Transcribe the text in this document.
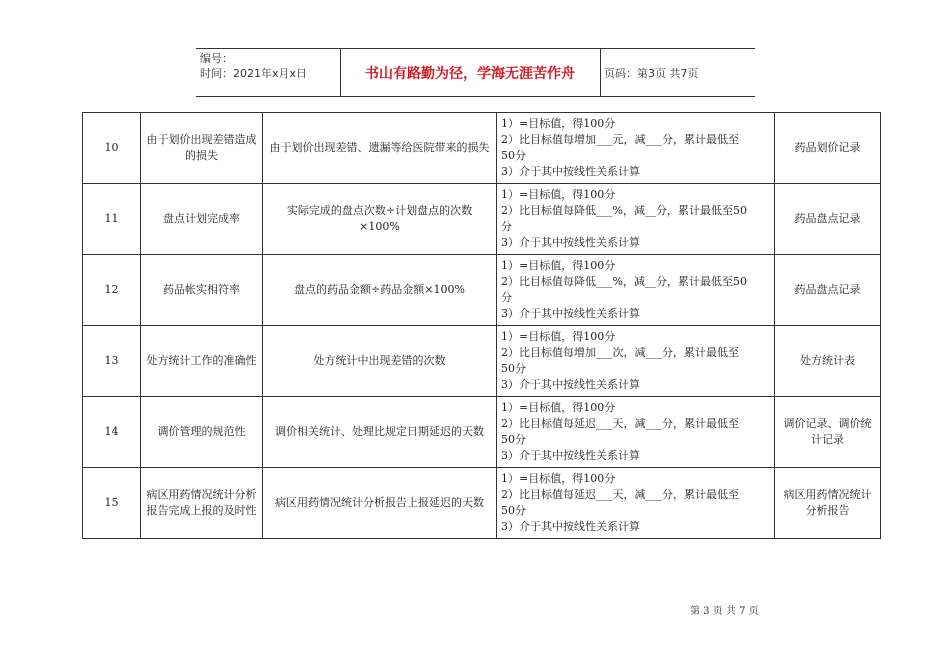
编号：
时间：2021年x月x日	书山有路勤为径，学海无涯苦作舟	页码：第3页 共7页
10	由于划价出现差错造成的损失	由于划价出现差错、遗漏等给医院带来的损失	1）=目标值，得100分
2）比目标值每增加___元，减___分，累计最低至
50分
3）介于其中按线性关系计算	药品划价记录
11	盘点计划完成率	实际完成的盘点次数÷计划盘点的次数×100%	1）=目标值，得100分
2）比目标值每降低___%，减__分，累计最低至50
分
3）介于其中按线性关系计算	药品盘点记录
12	药品帐实相符率	盘点的药品金额÷药品金额×100%	1）=目标值，得100分
2）比目标值每降低___%，减__分，累计最低至50
分
3）介于其中按线性关系计算	药品盘点记录
13	处方统计工作的准确性	处方统计中出现差错的次数	1）=目标值，得100分
2）比目标值每增加___次，减___分，累计最低至
50分
3）介于其中按线性关系计算	处方统计表
14	调价管理的规范性	调价相关统计、处理比规定日期延迟的天数	1）=目标值，得100分
2）比目标值每延迟___天，减___分，累计最低至
50分
3）介于其中按线性关系计算	调价记录、调价统计记录
15	病区用药情况统计分析报告完成上报的及时性	病区用药情况统计分析报告上报延迟的天数	1）=目标值，得100分
2）比目标值每延迟___天，减___分，累计最低至
50分
3）介于其中按线性关系计算	病区用药情况统计分析报告
第 3 页 共 7 页
